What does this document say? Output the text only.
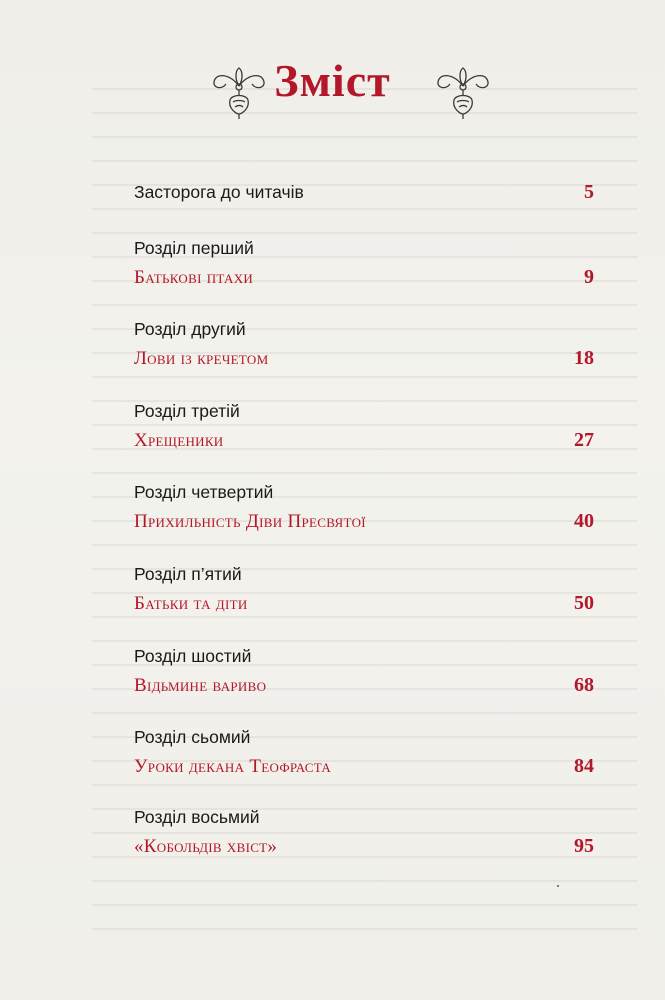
Зміст
Засторога до читачів	5
Розділ перший
Батькові птахи	9
Розділ другий
Лови із кречетом	18
Розділ третій
Хрещеники	27
Розділ четвертий
Прихильність Діви Пресвятої	40
Розділ п’ятий
Батьки та діти	50
Розділ шостий
Відьмине вариво	68
Розділ сьомий
Уроки декана Теофраста	84
Розділ восьмий
«Кобольдів хвіст»	95
